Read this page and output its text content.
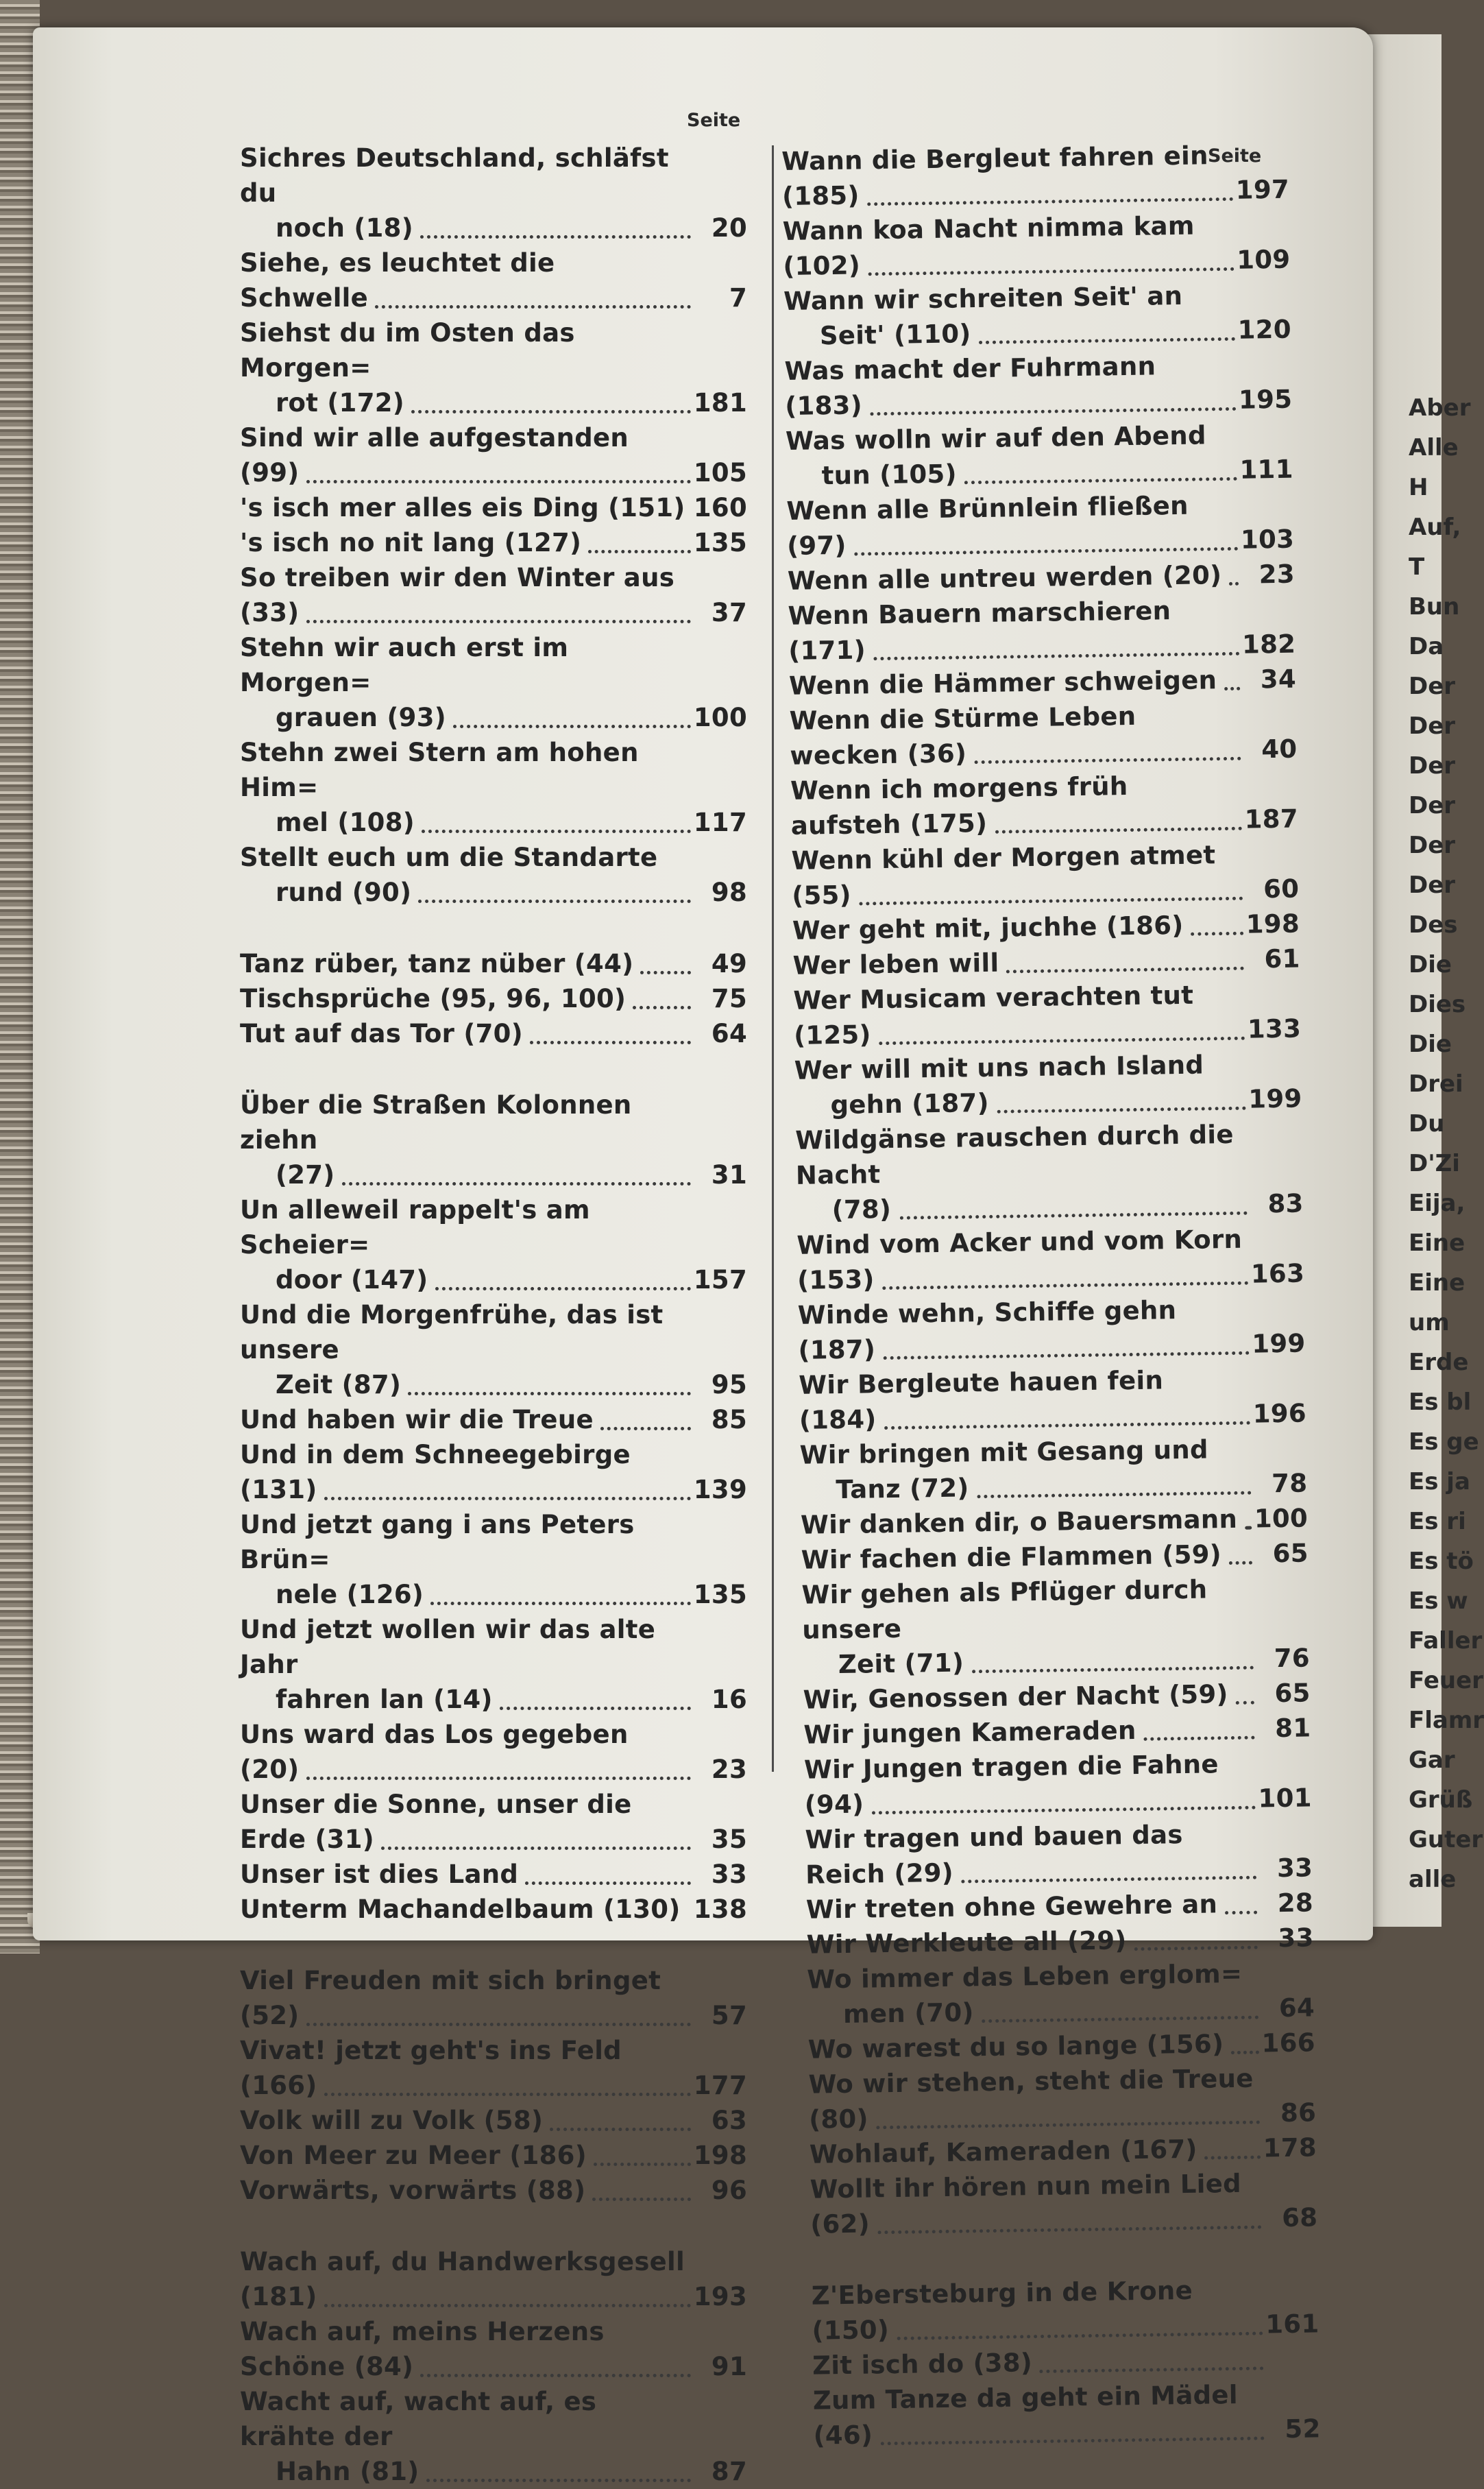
Aber
Alle
H
Auf,
T
Bun
Da
Der
Der
Der
Der
Der
Der
Des
Die
Dies
Die
Drei
Du
D'Zi
Eija,
Eine
Eine
um
Erde
Es bl
Es ge
Es ja
Es ri
Es tö
Es w
Faller
Feuer
Flamr
Gar
Grüß
Guter
alle
Seite
Seite
Sichres Deutschland, schläfst du
noch (18)	20
Siehe, es leuchtet die Schwelle	7
Siehst du im Osten das Morgen=
rot (172)	181
Sind wir alle aufgestanden (99)	105
's isch mer alles eis Ding (151) 160
's isch no nit lang (127)	135
So treiben wir den Winter aus (33)	37
Stehn wir auch erst im Morgen=
grauen (93)	100
Stehn zwei Stern am hohen Him=
mel (108)	117
Stellt euch um die Standarte
rund (90)	98
Tanz rüber, tanz nüber (44)	49
Tischsprüche (95, 96, 100)	75
Tut auf das Tor (70)	64
Über die Straßen Kolonnen ziehn
(27)	31
Un alleweil rappelt's am Scheier=
door (147)	157
Und die Morgenfrühe, das ist unsere
Zeit (87)	95
Und haben wir die Treue	85
Und in dem Schneegebirge (131)	139
Und jetzt gang i ans Peters Brün=
nele (126)	135
Und jetzt wollen wir das alte Jahr
fahren lan (14)	16
Uns ward das Los gegeben (20)	23
Unser die Sonne, unser die Erde (31)	35
Unser ist dies Land	33
Unterm Machandelbaum (130) 138
Viel Freuden mit sich bringet (52)	57
Vivat! jetzt geht's ins Feld (166)	177
Volk will zu Volk (58)	63
Von Meer zu Meer (186)	198
Vorwärts, vorwärts (88)	96
Wach auf, du Handwerksgesell (181)	193
Wach auf, meins Herzens Schöne (84)	91
Wacht auf, wacht auf, es krähte der
Hahn (81)	87
Wann die Bergleut fahren ein (185)	197
Wann koa Nacht nimma kam (102)	109
Wann wir schreiten Seit' an
Seit' (110)	120
Was macht der Fuhrmann (183)	195
Was wolln wir auf den Abend
tun (105)	111
Wenn alle Brünnlein fließen (97)	103
Wenn alle untreu werden (20)	23
Wenn Bauern marschieren (171)	182
Wenn die Hämmer schweigen	34
Wenn die Stürme Leben wecken (36)	40
Wenn ich morgens früh aufsteh (175)	187
Wenn kühl der Morgen atmet (55)	60
Wer geht mit, juchhe (186)	198
Wer leben will	61
Wer Musicam verachten tut (125)	133
Wer will mit uns nach Island
gehn (187)	199
Wildgänse rauschen durch die Nacht
(78)	83
Wind vom Acker und vom Korn (153)	163
Winde wehn, Schiffe gehn (187)	199
Wir Bergleute hauen fein (184)	196
Wir bringen mit Gesang und
Tanz (72)	78
Wir danken dir, o Bauersmann 100
Wir fachen die Flammen (59)	65
Wir gehen als Pflüger durch unsere
Zeit (71)	76
Wir, Genossen der Nacht (59)	65
Wir jungen Kameraden	81
Wir Jungen tragen die Fahne (94)	101
Wir tragen und bauen das Reich (29)	33
Wir treten ohne Gewehre an	28
Wir Werkleute all (29)	33
Wo immer das Leben erglom=
men (70)	64
Wo warest du so lange (156)	166
Wo wir stehen, steht die Treue (80)	86
Wohlauf, Kameraden (167)	178
Wollt ihr hören nun mein Lied (62)	68
Z'Ebersteburg in de Krone (150)	161
Zit isch do (38)
Zum Tanze da geht ein Mädel (46)	52
